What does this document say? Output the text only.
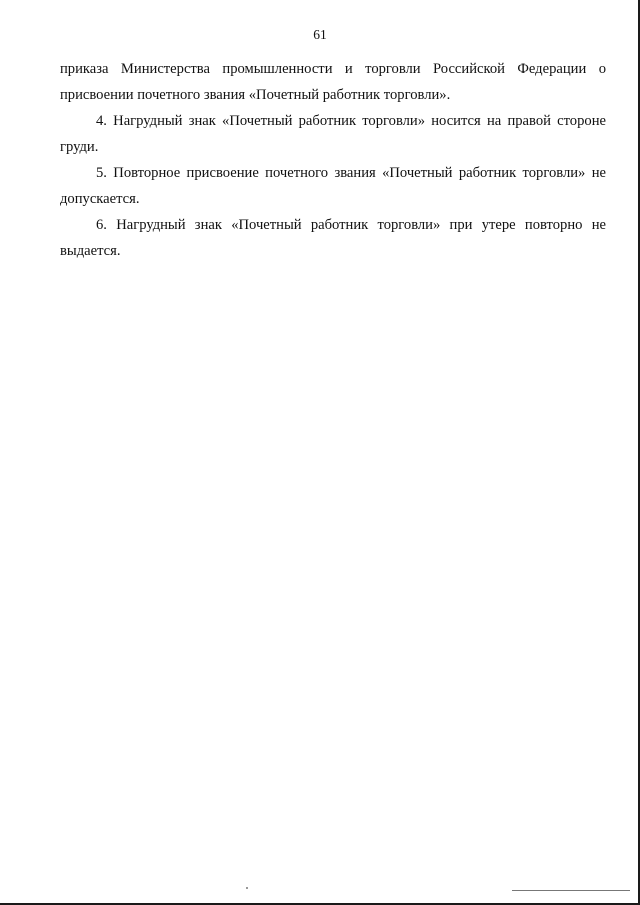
61
приказа Министерства промышленности и торговли Российской Федерации о
присвоении почетного звания «Почетный работник торговли».
4. Нагрудный знак «Почетный работник торговли» носится на правой стороне
груди.
5. Повторное присвоение почетного звания «Почетный работник торговли» не
допускается.
6. Нагрудный знак «Почетный работник торговли» при утере повторно не
выдается.
